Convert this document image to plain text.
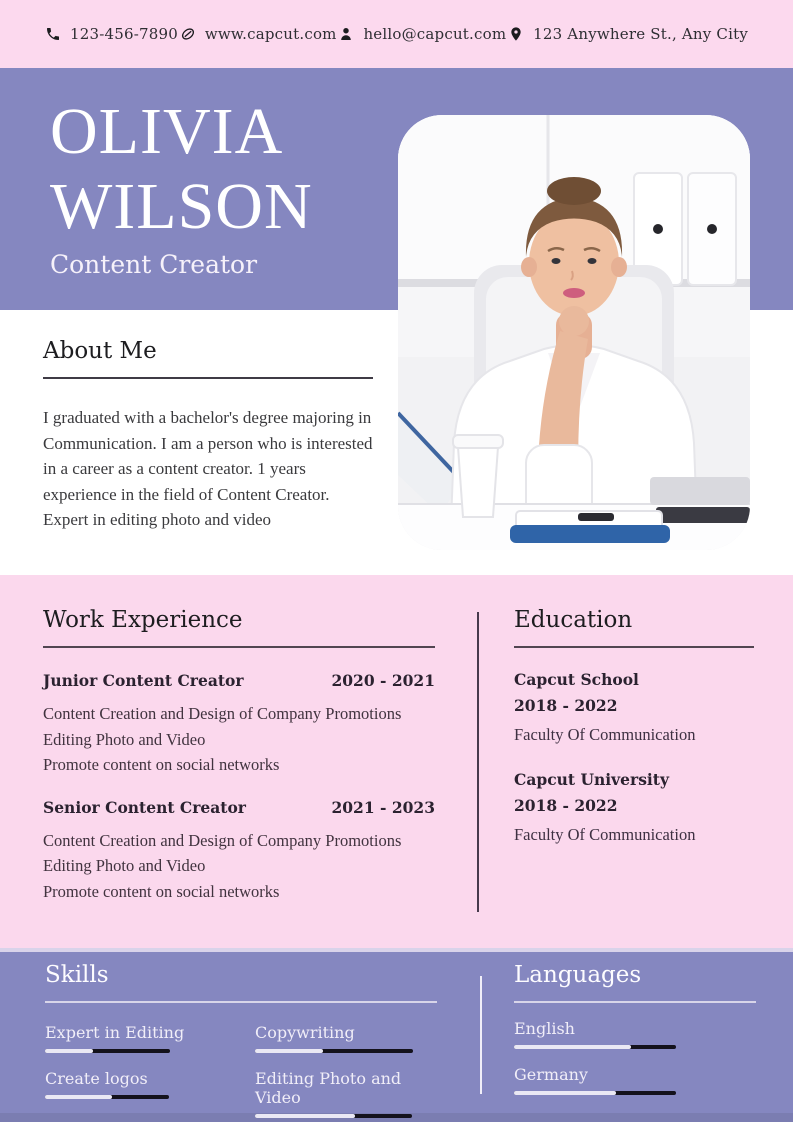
123-456-7890 www.capcut.com hello@capcut.com 123 Anywhere St., Any City
OLIVIA
WILSON
Content Creator
About Me

I graduated with a bachelor's degree majoring in Communication. I am a person who is interested in a career as a content creator. 1 years experience in the field of Content Creator. Expert in editing photo and video

Work Experience
Junior Content Creator	2020 - 2021
Content Creation and Design of Company Promotions
Editing Photo and Video
Promote content on social networks
Senior Content Creator	2021 - 2023
Content Creation and Design of Company Promotions
Editing Photo and Video
Promote content on social networks
Education
Capcut School
2018 - 2022
Faculty Of Communication
Capcut University
2018 - 2022
Faculty Of Communication
Skills
Expert in Editing	Copywriting
Create logos	Editing Photo and Video
Languages
English
Germany
